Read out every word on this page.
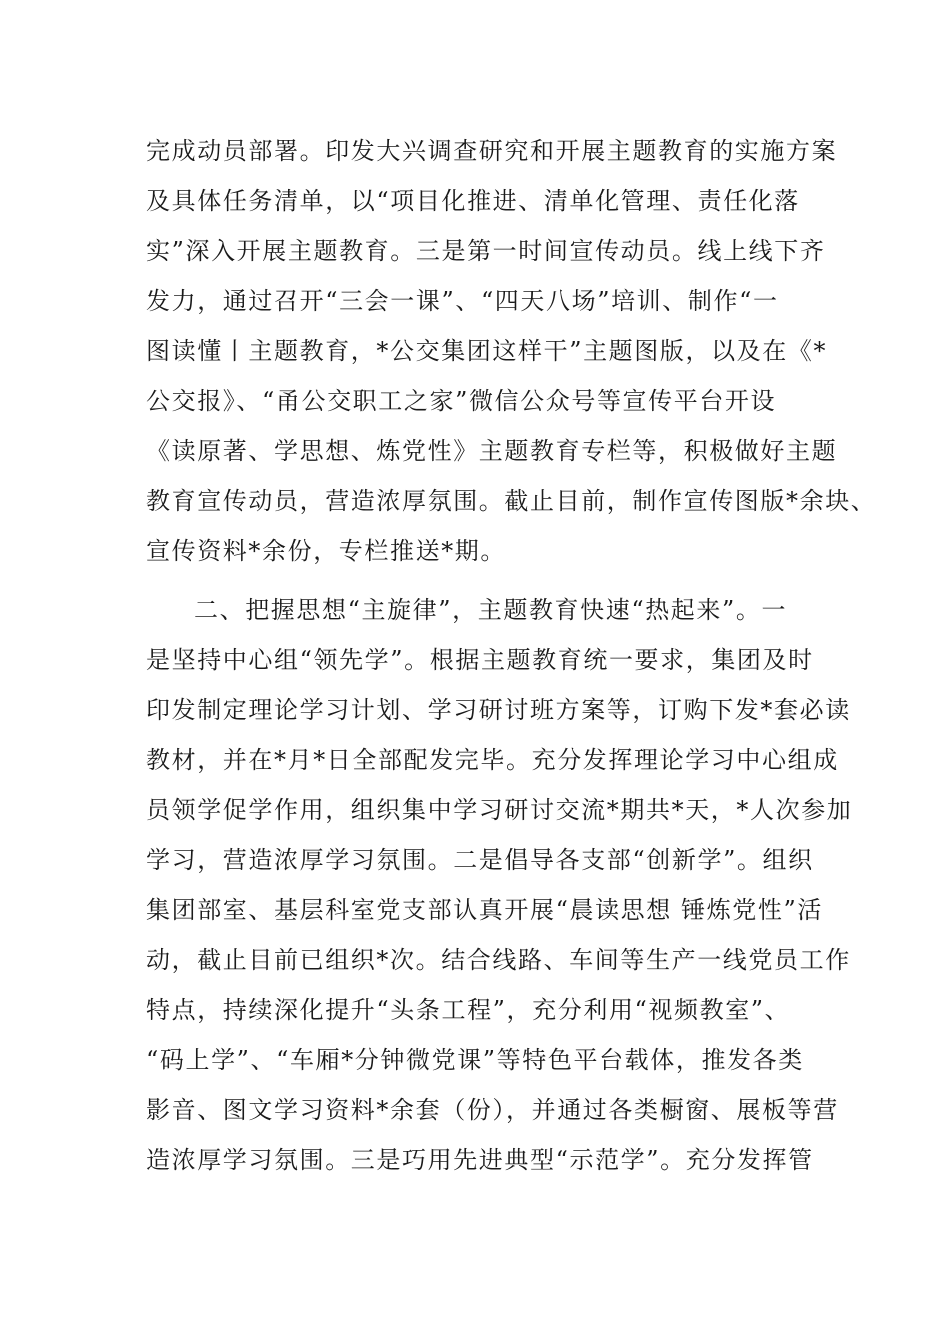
完成动员部署。印发大兴调查研究和开展主题教育的实施方案
及具体任务清单，以“项目化推进、清单化管理、责任化落
实”深入开展主题教育。三是第一时间宣传动员。线上线下齐
发力，通过召开“三会一课”、“四天八场”培训、制作“一
图读懂丨主题教育，*公交集团这样干”主题图版，以及在《*
公交报》、“甬公交职工之家”微信公众号等宣传平台开设
《读原著、学思想、炼党性》主题教育专栏等，积极做好主题
教育宣传动员，营造浓厚氛围。截止目前，制作宣传图版*余块、
宣传资料*余份，专栏推送*期。
二、把握思想“主旋律”，主题教育快速“热起来”。一
是坚持中心组“领先学”。根据主题教育统一要求，集团及时
印发制定理论学习计划、学习研讨班方案等，订购下发*套必读
教材，并在*月*日全部配发完毕。充分发挥理论学习中心组成
员领学促学作用，组织集中学习研讨交流*期共*天，*人次参加
学习，营造浓厚学习氛围。二是倡导各支部“创新学”。组织
集团部室、基层科室党支部认真开展“晨读思想 锤炼党性”活
动，截止目前已组织*次。结合线路、车间等生产一线党员工作
特点，持续深化提升“头条工程”，充分利用“视频教室”、
“码上学”、“车厢*分钟微党课”等特色平台载体，推发各类
影音、图文学习资料*余套（份），并通过各类橱窗、展板等营
造浓厚学习氛围。三是巧用先进典型“示范学”。充分发挥管
